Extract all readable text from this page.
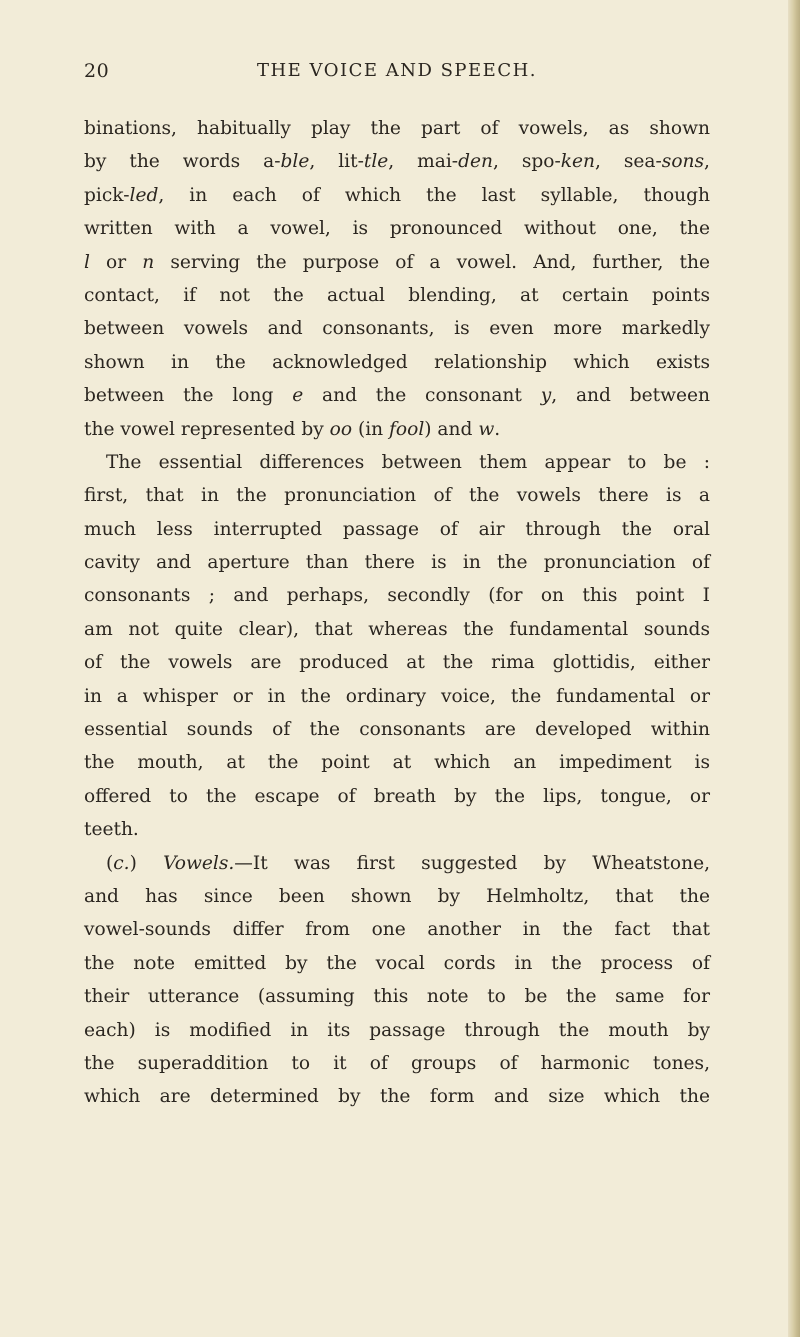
20	THE VOICE AND SPEECH.
binations, habitually play the part of vowels, as shown
by the words a-ble, lit-tle, mai-den, spo-ken, sea-sons,
pick-led, in each of which the last syllable, though
written with a vowel, is pronounced without one, the
l or n serving the purpose of a vowel. And, further, the
contact, if not the actual blending, at certain points
between vowels and consonants, is even more markedly
shown in the acknowledged relationship which exists
between the long e and the consonant y, and between
the vowel represented by oo (in fool) and w.
The essential differences between them appear to be :
first, that in the pronunciation of the vowels there is a
much less interrupted passage of air through the oral
cavity and aperture than there is in the pronunciation of
consonants ; and perhaps, secondly (for on this point I
am not quite clear), that whereas the fundamental sounds
of the vowels are produced at the rima glottidis, either
in a whisper or in the ordinary voice, the fundamental or
essential sounds of the consonants are developed within
the mouth, at the point at which an impediment is
offered to the escape of breath by the lips, tongue, or
teeth.
(c.) Vowels.—It was first suggested by Wheatstone,
and has since been shown by Helmholtz, that the
vowel-sounds differ from one another in the fact that
the note emitted by the vocal cords in the process of
their utterance (assuming this note to be the same for
each) is modified in its passage through the mouth by
the superaddition to it of groups of harmonic tones,
which are determined by the form and size which the
